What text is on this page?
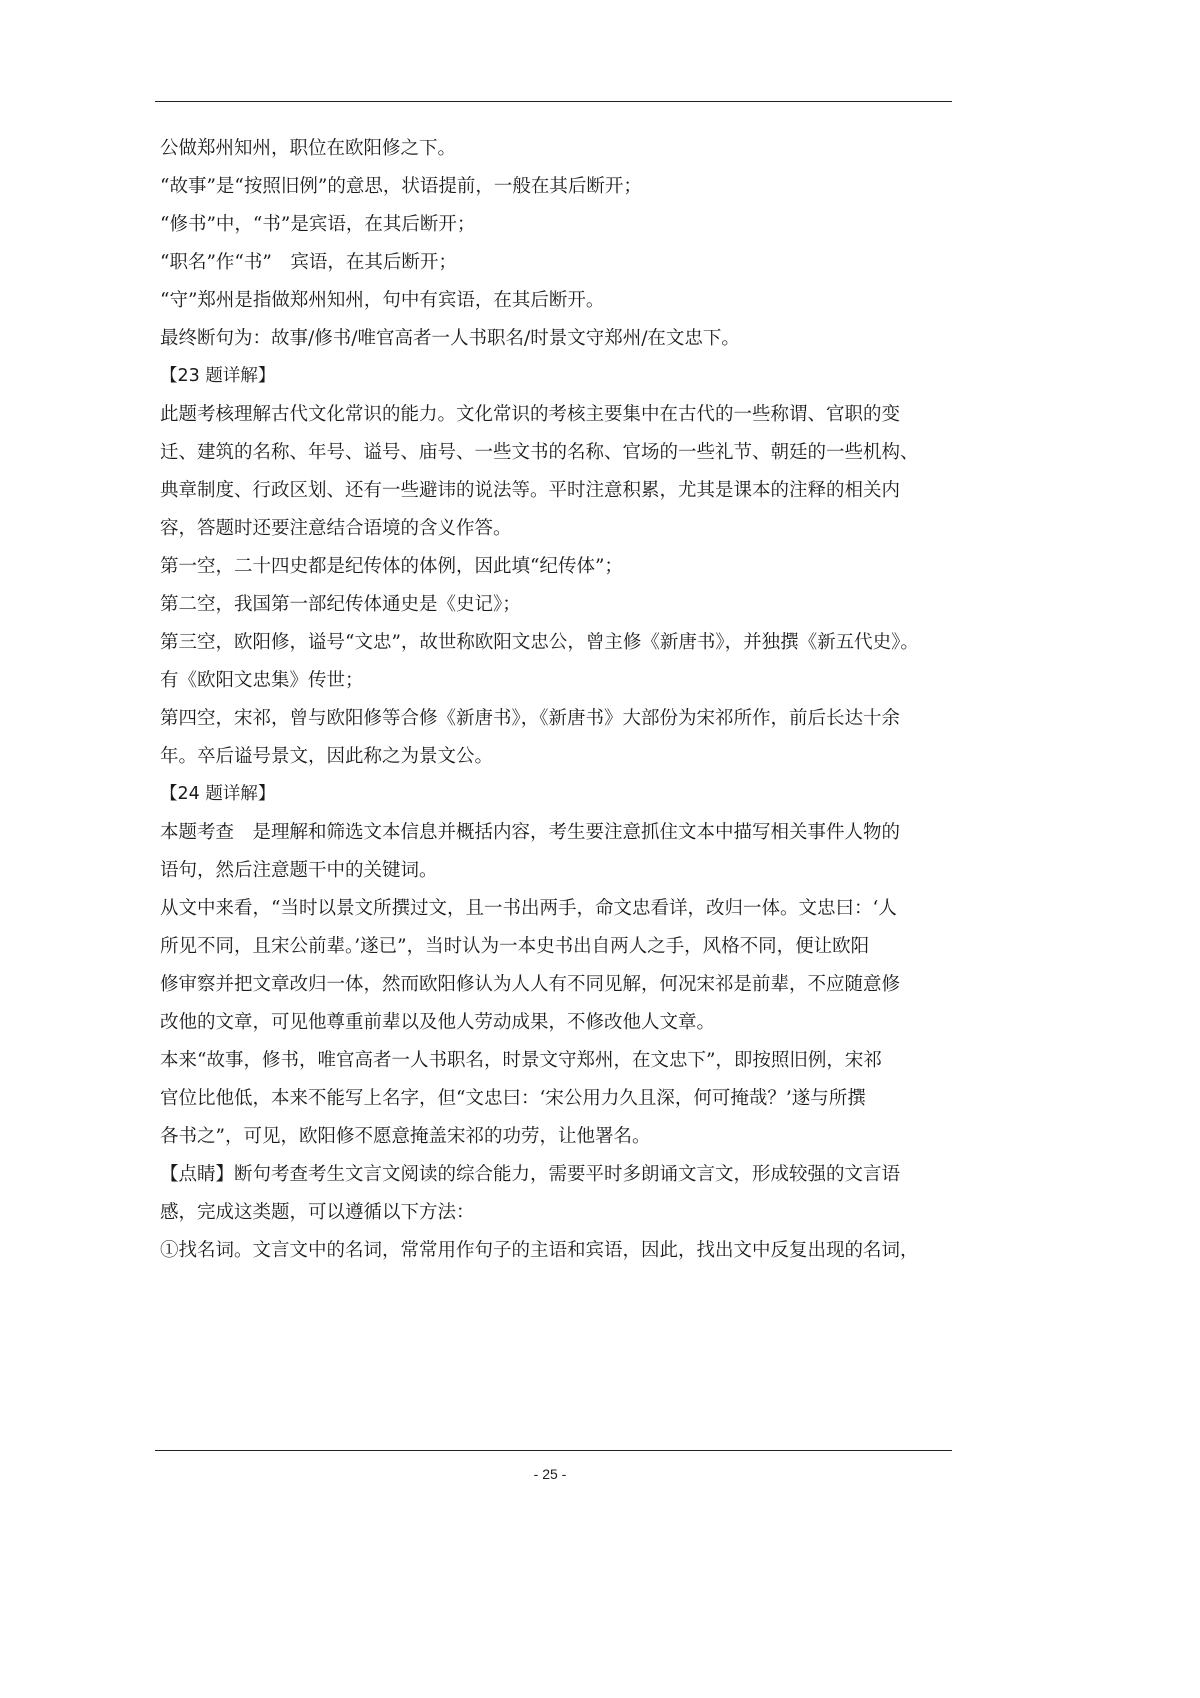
公做郑州知州，职位在欧阳修之下。
“故事”是“按照旧例”的意思，状语提前，一般在其后断开；
“修书”中，“书”是宾语，在其后断开；
“职名”作“书”　宾语，在其后断开；
“守”郑州是指做郑州知州，句中有宾语，在其后断开。
最终断句为：故事/修书/唯官高者一人书职名/时景文守郑州/在文忠下。
【23 题详解】
此题考核理解古代文化常识的能力。文化常识的考核主要集中在古代的一些称谓、官职的变
迁、建筑的名称、年号、谥号、庙号、一些文书的名称、官场的一些礼节、朝廷的一些机构、
典章制度、行政区划、还有一些避讳的说法等。平时注意积累，尤其是课本的注释的相关内
容，答题时还要注意结合语境的含义作答。
第一空，二十四史都是纪传体的体例，因此填“纪传体”；
第二空，我国第一部纪传体通史是《史记》；
第三空，欧阳修，谥号“文忠”，故世称欧阳文忠公，曾主修《新唐书》，并独撰《新五代史》。
有《欧阳文忠集》传世；
第四空，宋祁，曾与欧阳修等合修《新唐书》，《新唐书》大部份为宋祁所作，前后长达十余
年。卒后谥号景文，因此称之为景文公。
【24 题详解】
本题考查　是理解和筛选文本信息并概括内容，考生要注意抓住文本中描写相关事件人物的
语句，然后注意题干中的关键词。
从文中来看，“当时以景文所撰过文，且一书出两手，命文忠看详，改归一体。文忠曰：‘人
所见不同，且宋公前辈。’遂已”，当时认为一本史书出自两人之手，风格不同，便让欧阳
修审察并把文章改归一体，然而欧阳修认为人人有不同见解，何况宋祁是前辈，不应随意修
改他的文章，可见他尊重前辈以及他人劳动成果，不修改他人文章。
本来“故事，修书，唯官高者一人书职名，时景文守郑州，在文忠下”，即按照旧例，宋祁
官位比他低，本来不能写上名字，但“文忠曰：‘宋公用力久且深，何可掩哉？’遂与所撰
各书之”，可见，欧阳修不愿意掩盖宋祁的功劳，让他署名。
【点睛】断句考查考生文言文阅读的综合能力，需要平时多朗诵文言文，形成较强的文言语
感，完成这类题，可以遵循以下方法：
①找名词。文言文中的名词，常常用作句子的主语和宾语，因此，找出文中反复出现的名词，
- 25 -
